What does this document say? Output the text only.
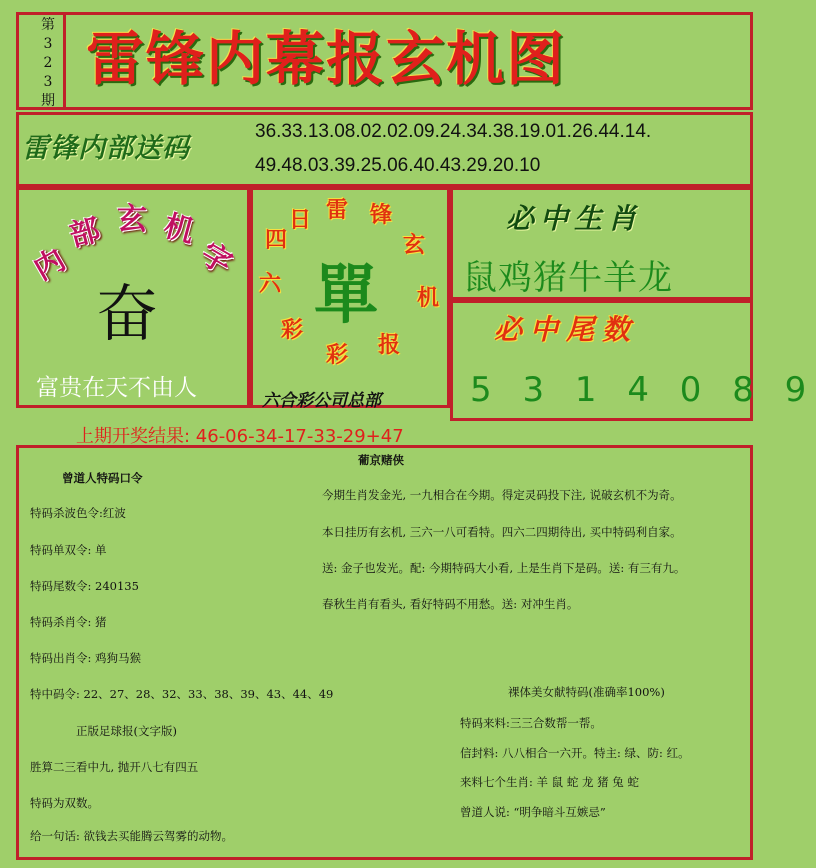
第
3
2
3
期
雷锋内幕报玄机图
雷锋内部送码
36.33.13.08.02.02.09.24.34.38.19.01.26.44.14.
49.48.03.39.25.06.40.43.29.20.10
内
部 玄 机
字
奋
富贵在天不由人
雷 锋
玄
机
报
彩
彩
六
四
日
單
六合彩公司总部
必中生肖
鼠鸡猪牛羊龙
必中尾数
5 3 1 4 0 8 9
上期开奖结果: 46-06-34-17-33-29+47
曾道人特码口令
特码杀波色令:红波
特码单双令: 单
特码尾数令: 240135
特码杀肖令: 猪
特码出肖令: 鸡狗马猴
特中码令: 22、27、28、32、33、38、39、43、44、49
正版足球报(文字版)
胜算二三看中九, 抛开八七有四五
特码为双数。
给一句话: 欲钱去买能腾云驾雾的动物。
葡京赌侠
今期生肖发金光, 一九相合在今期。得定灵码投下注, 说破玄机不为奇。
本日挂历有玄机, 三六一八可看特。四六二四期待出, 买中特码利自家。
送: 金子也发光。配: 今期特码大小看, 上是生肖下是码。送: 有三有九。
春秋生肖有看头, 看好特码不用愁。送: 对冲生肖。
裸体美女献特码(准确率100%)
特码来料:三三合数帮一帮。
信封料: 八八相合一六开。特主: 绿、防: 红。
来料七个生肖: 羊 鼠 蛇 龙 猪 兔 蛇
曾道人说: “明争暗斗互嫉忌”
